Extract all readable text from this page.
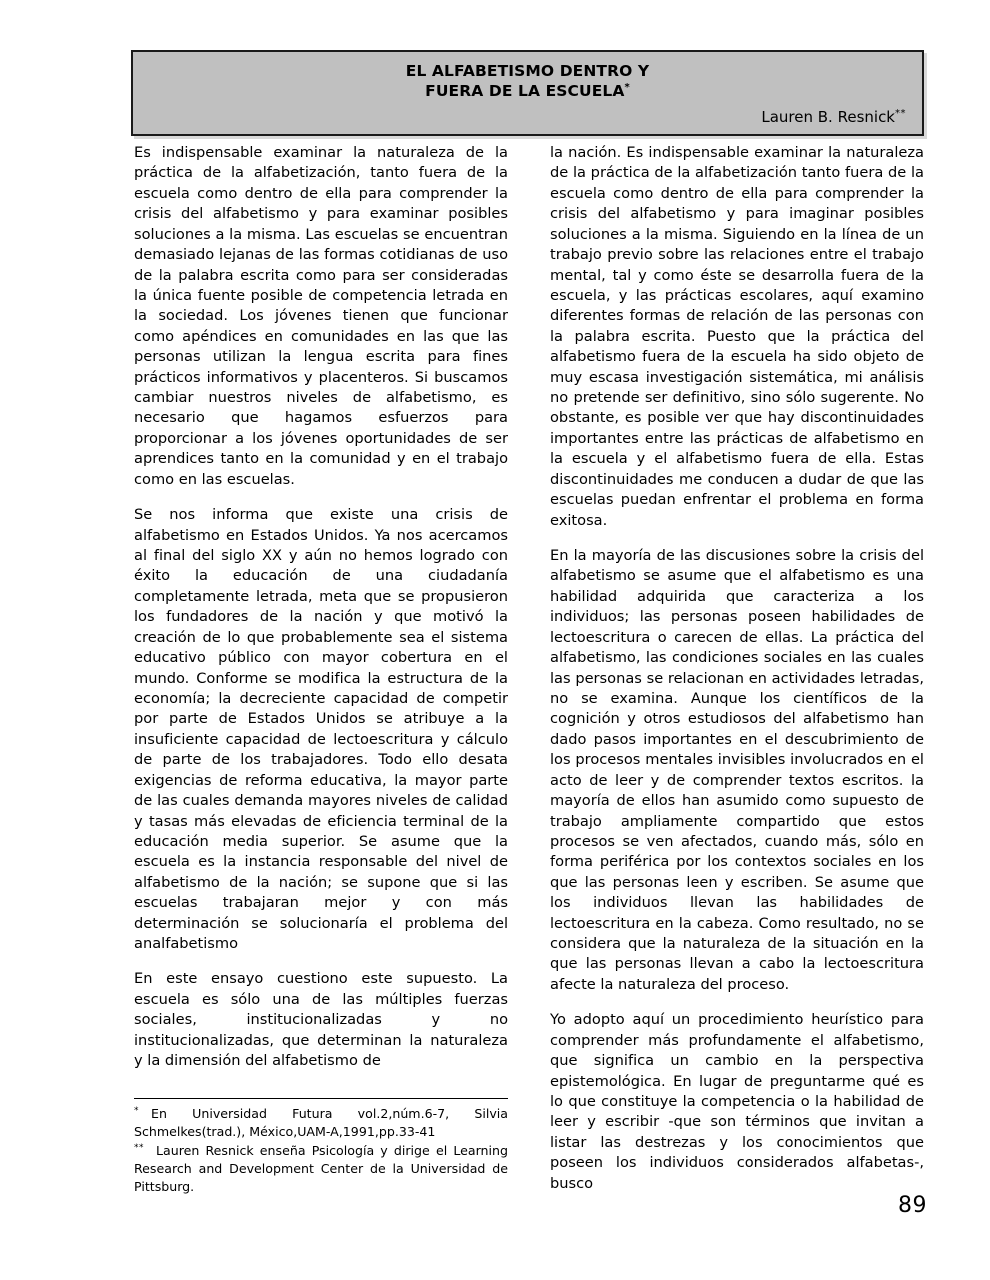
EL ALFABETISMO DENTRO Y
FUERA DE LA ESCUELA*
Lauren B. Resnick**

Es indispensable examinar la naturaleza de la práctica de la alfabetización, tanto fuera de la escuela como dentro de ella para comprender la crisis del alfabetismo y para examinar posibles soluciones a la misma. Las escuelas se encuentran demasiado lejanas de las formas cotidianas de uso de la palabra escrita como para ser consideradas la única fuente posible de competencia letrada en la sociedad. Los jóvenes tienen que funcionar como apéndices en comunidades en las que las personas utilizan la lengua escrita para fines prácticos informativos y placenteros. Si buscamos cambiar nuestros niveles de alfabetismo, es necesario que hagamos esfuerzos para proporcionar a los jóvenes oportunidades de ser aprendices tanto en la comunidad y en el trabajo como en las escuelas.

Se nos informa que existe una crisis de alfabetismo en Estados Unidos. Ya nos acercamos al final del siglo XX y aún no hemos logrado con éxito la educación de una ciudadanía completamente letrada, meta que se propusieron los fundadores de la nación y que motivó la creación de lo que probablemente sea el sistema educativo público con mayor cobertura en el mundo. Conforme se modifica la estructura de la economía; la decreciente capacidad de competir por parte de Estados Unidos se atribuye a la insuficiente capacidad de lectoescritura y cálculo de parte de los trabajadores. Todo ello desata exigencias de reforma educativa, la mayor parte de las cuales demanda mayores niveles de calidad y tasas más elevadas de eficiencia terminal de la educación media superior. Se asume que la escuela es la instancia responsable del nivel de alfabetismo de la nación; se supone que si las escuelas trabajaran mejor y con más determinación se solucionaría el problema del analfabetismo

En este ensayo cuestiono este supuesto. La escuela es sólo una de las múltiples fuerzas sociales, institucionalizadas y no institucionalizadas, que determinan la naturaleza y la dimensión del alfabetismo de

la nación. Es indispensable examinar la naturaleza de la práctica de la alfabetización tanto fuera de la escuela como dentro de ella para comprender la crisis del alfabetismo y para imaginar posibles soluciones a la misma. Siguiendo en la línea de un trabajo previo sobre las relaciones entre el trabajo mental, tal y como éste se desarrolla fuera de la escuela, y las prácticas escolares, aquí examino diferentes formas de relación de las personas con la palabra escrita. Puesto que la práctica del alfabetismo fuera de la escuela ha sido objeto de muy escasa investigación sistemática, mi análisis no pretende ser definitivo, sino sólo sugerente. No obstante, es posible ver que hay discontinuidades importantes entre las prácticas de alfabetismo en la escuela y el alfabetismo fuera de ella. Estas discontinuidades me conducen a dudar de que las escuelas puedan enfrentar el problema en forma exitosa.

En la mayoría de las discusiones sobre la crisis del alfabetismo se asume que el alfabetismo es una habilidad adquirida que caracteriza a los individuos; las personas poseen habilidades de lectoescritura o carecen de ellas. La práctica del alfabetismo, las condiciones sociales en las cuales las personas se relacionan en actividades letradas, no se examina. Aunque los científicos de la cognición y otros estudiosos del alfabetismo han dado pasos importantes en el descubrimiento de los procesos mentales invisibles involucrados en el acto de leer y de comprender textos escritos. la mayoría de ellos han asumido como supuesto de trabajo ampliamente compartido que estos procesos se ven afectados, cuando más, sólo en forma periférica por los contextos sociales en los que las personas leen y escriben. Se asume que los individuos llevan las habilidades de lectoescritura en la cabeza. Como resultado, no se considera que la naturaleza de la situación en la que las personas llevan a cabo la lectoescritura afecte la naturaleza del proceso.

Yo adopto aquí un procedimiento heurístico para comprender más profundamente el alfabetismo, que significa un cambio en la perspectiva epistemológica. En lugar de preguntarme qué es lo que constituye la competencia o la habilidad de leer y escribir -que son términos que invitan a listar las destrezas y los conocimientos que poseen los individuos considerados alfabetas-, busco

* En Universidad Futura vol.2,núm.6-7, Silvia Schmelkes(trad.), México,UAM-A,1991,pp.33-41

** Lauren Resnick enseña Psicología y dirige el Learning Research and Development Center de la Universidad de Pittsburg.

89
